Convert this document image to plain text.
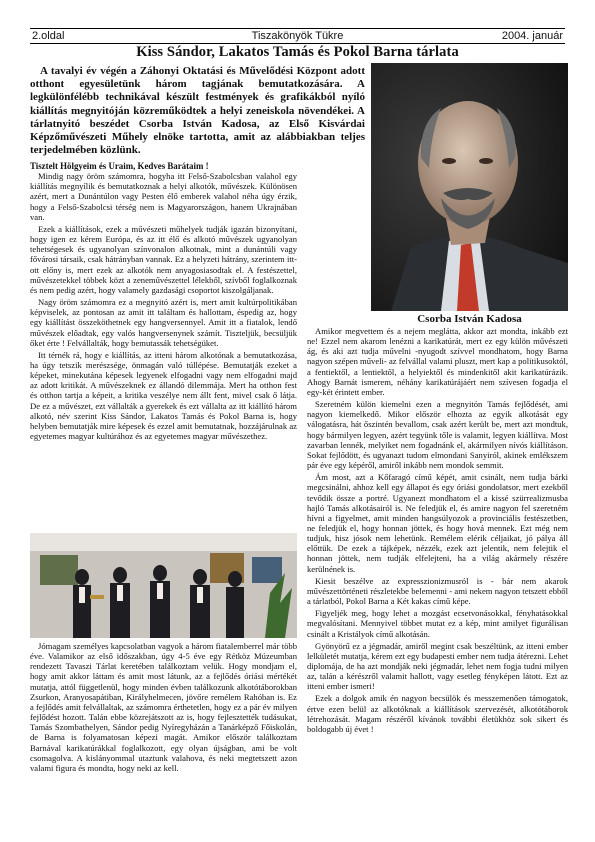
2.oldal	Tiszakönyök Tükre	2004. január
Kiss Sándor, Lakatos Tamás és Pokol Barna tárlata

A tavalyi év végén a Záhonyi Oktatási és Művelődési Központ adott otthont egyesületünk három tagjának bemutatkozására. A legkülönfélébb technikával készült festmények és grafikákból nyíló kiállítás megnyitóján közreműködtek a helyi zeneiskola növendékei. A tárlatnyitó beszédet Csorba István Kadosa, az Első Kisvárdai Képzőművészeti Műhely elnöke tartotta, amit az alábbiakban teljes terjedelmében közlünk.

Csorba István Kadosa

Tisztelt Hölgyeim és Uraim, Kedves Barátaim !

Mindig nagy öröm számomra, hogyha itt Felső-Szabolcsban valahol egy kiállítás megnyílik és bemutatkoznak a helyi alkotók, művészek. Különösen azért, mert a Dunántúlon vagy Pesten élő emberek valahol néha úgy érzik, hogy a Felső-Szabolcsi térség nem is Magyarországon, hanem Ukrajnában van.

Ezek a kiállítások, ezek a művészeti műhelyek tudják igazán bizonyítani, hogy igen ez kérem Európa, és az itt élő és alkotó művészek ugyanolyan tehetségesek és ugyanolyan színvonalon alkotnak, mint a dunántúli vagy fővárosi társaik, csak hátrányban vannak. Ez a helyzeti hátrány, szerintem itt-ott előny is, mert ezek az alkotók nem anyagosiasodtak el. A festészettel, művészetekkel többek közt a zeneművészettel lélekből, szívből foglalkoznak és nem pedig azért, hogy valamely gazdasági csoportot kiszolgáljanak.

Nagy öröm számomra ez a megnyitó azért is, mert amit kultúrpolitikában képviselek, az pontosan az amit itt találtam és hallottam, éspedig az, hogy egy kiállítást összeköthetnek egy hangversennyel. Amit itt a fiatalok, lendő művészek előadtak, egy valós hangversenynek számít. Tiszteljük, becsüljük őket érte ! Felvállalták, hogy bemutassák tehetségüket.

Itt térnék rá, hogy e kiállítás, az itteni három alkotónak a bemutatkozása, ha úgy tetszik merészsége, önmagán való túllépése. Bemutatják ezeket a képeket, minekutána képesek legyenek elfogadni vagy nem elfogadni majd az adott kritikát. A művészeknek ez állandó dilemmája. Mert ha otthon fest és otthon tartja a képeit, a kritika veszélye nem állt fent, mivel csak ő látja. De ez a művészet, ezt vállalták a gyerekek és ezt vállalta az itt kiállító három alkotó, név szerint Kiss Sándor, Lakatos Tamás és Pokol Barna is, hogy helyben bemutatják mire képesek és ezzel amit bemutatnak, hozzájárulnak az egyetemes magyar kultúrához és az egyetemes magyar művészethez.

Jómagam személyes kapcsolatban vagyok a három fiatalemberrel már több éve. Valamikor az első időszakban, úgy 4-5 éve egy Rétköz Múzeumban rendezett Tavaszi Tárlat keretében találkoztam velük. Hogy mondjam el, hogy amit akkor láttam és amit most látunk, az a fejlődés óriási mértékét mutatja, attól függetlenül, hogy minden évben találkozunk alkotótáborokban Zsurkon, Aranyosapátiban, Királyhelmecen, jövőre remélem Rahóban is. Ez a fejlődés amit felvállaltak, az számomra érthetetlen, hogy ez a pár év milyen fejlődést hozott. Talán ebbe közrejátszott az is, hogy fejlesztették tudásukat, Tamás Szombathelyen, Sándor pedig Nyíregyházán a Tanárképző Főiskolán, de Barna is folyamatosan képezi magát. Amikor először találkoztam Barnával karikatúrákkal foglalkozott, egy olyan újságban, ami be volt csomagolva. A kislányommal utaztunk valahova, és neki megtetszett azon valami figura és mondta, hogy neki az kell.

Amikor megvettem és a nejem meglátta, akkor azt mondta, inkább ezt ne! Ezzel nem akarom lenézni a karikatúrát, mert ez egy külön művészeti ág, és aki azt tudja művelni -nyugodt szívvel mondhatom, hogy Barna nagyon szépen műveli- az felvállal valami pluszt, mert kap a politikusoktól, a fentiektől, a lentiektől, a helyiektől és mindenkitől akit karikatúrázik. Ahogy Barnát ismerem, néhány karikatúrájáért nem szívesen fogadja el egy-két érintett ember.

Szeretném külön kiemelni ezen a megnyitón Tamás fejlődését, ami nagyon kiemelkedő. Mikor először elhozta az egyik alkotását egy válogatásra, hát őszintén bevallom, csak azért került be, mert azt mondtuk, hogy bármilyen legyen, azért tegyünk tőle is valamit, legyen kiállítva. Most zavarban lennék, melyiket nem fogadnánk el, akármilyen nívós kiállításon. Sokat fejlődött, és ugyanazt tudom elmondani Sanyiról, akinek emlékszem pár éve egy képéről, amiről inkább nem mondok semmit.

Ám most, azt a Kőfaragó című képét, amit csinált, nem tudja bárki megcsinálni, ahhoz kell egy állapot és egy óriási gondolatsor, mert ezekből tevődik össze a portré. Ugyanezt mondhatom el a kissé szürrealizmusba hajló Tamás alkotásairól is. Ne feledjük el, és amire nagyon fel szeretném hívni a figyelmet, amit minden hangsúlyozok a provinciális festészetben, ne feledjük el, hogy honnan jöttek, és hogy hová mennek. Ezt még nem tudjuk, hisz jósok nem lehetünk. Remélem elérik céljaikat, jó pálya áll előttük. De ezek a tájképek, nézzék, ezek azt jelentik, nem felejtik el honnan jöttek, nem tudják elfelejteni, ha a világ akármely részére kerülnének is.

Kiesit beszélve az expresszionizmusról is - bár nem akarok művészettörténeti részletekbe belemenni - ami nekem nagyon tetszett ebből a tárlatból, Pokol Barna a Két kakas című képe.

Figyeljék meg, hogy lehet a mozgást ecsetvonásokkal, fényhatásokkal megvalósítani. Mennyivel többet mutat ez a kép, mint amilyet figurálisan csinált a Kristályok című alkotásán.

Gyönyörű ez a jégmadár, amiről megint csak beszéltünk, az itteni ember lelkületét mutatja, kérem ezt egy budapesti ember nem tudja átérezni. Lehet diplomája, de ha azt mondják neki jégmadár, lehet nem fogja tudni milyen az, talán a kérészről valamit hallott, vagy esetleg fényképen látott. Ezt az itteni ember ismeri!

Ezek a dolgok amik én nagyon becsülök és messzemenően támogatok, értve ezen belül az alkotóknak a kiállítások szervezését, alkotótáborok létrehozását. Magam részéről kívánok további életükhöz sok sikert és boldogabb új évet !
